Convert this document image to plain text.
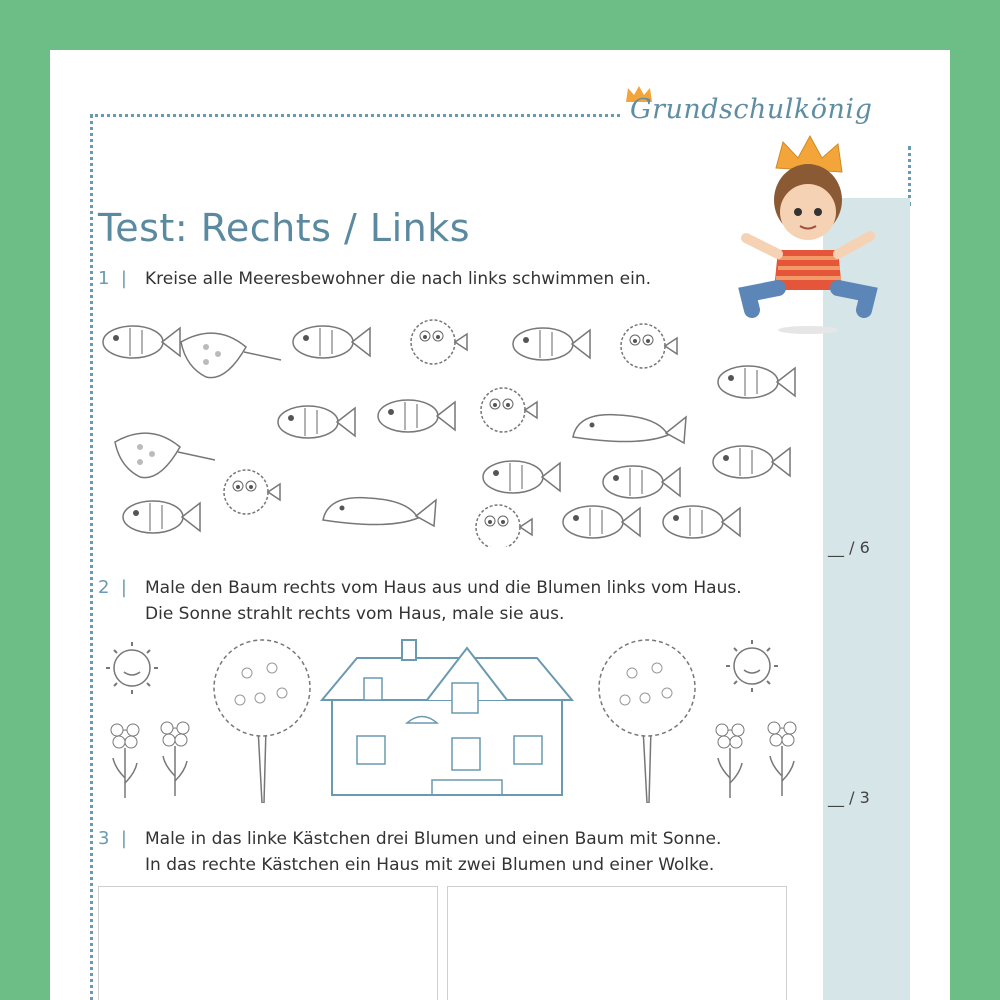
Grundschulkönig
Test: Rechts / Links
1 | Kreise alle Meeresbewohner die nach links schwimmen ein.
__ / 6
2 | Male den Baum rechts vom Haus aus und die Blumen links vom Haus.
Die Sonne strahlt rechts vom Haus, male sie aus.
__ / 3
3 | Male in das linke Kästchen drei Blumen und einen Baum mit Sonne.
In das rechte Kästchen ein Haus mit zwei Blumen und einer Wolke.
